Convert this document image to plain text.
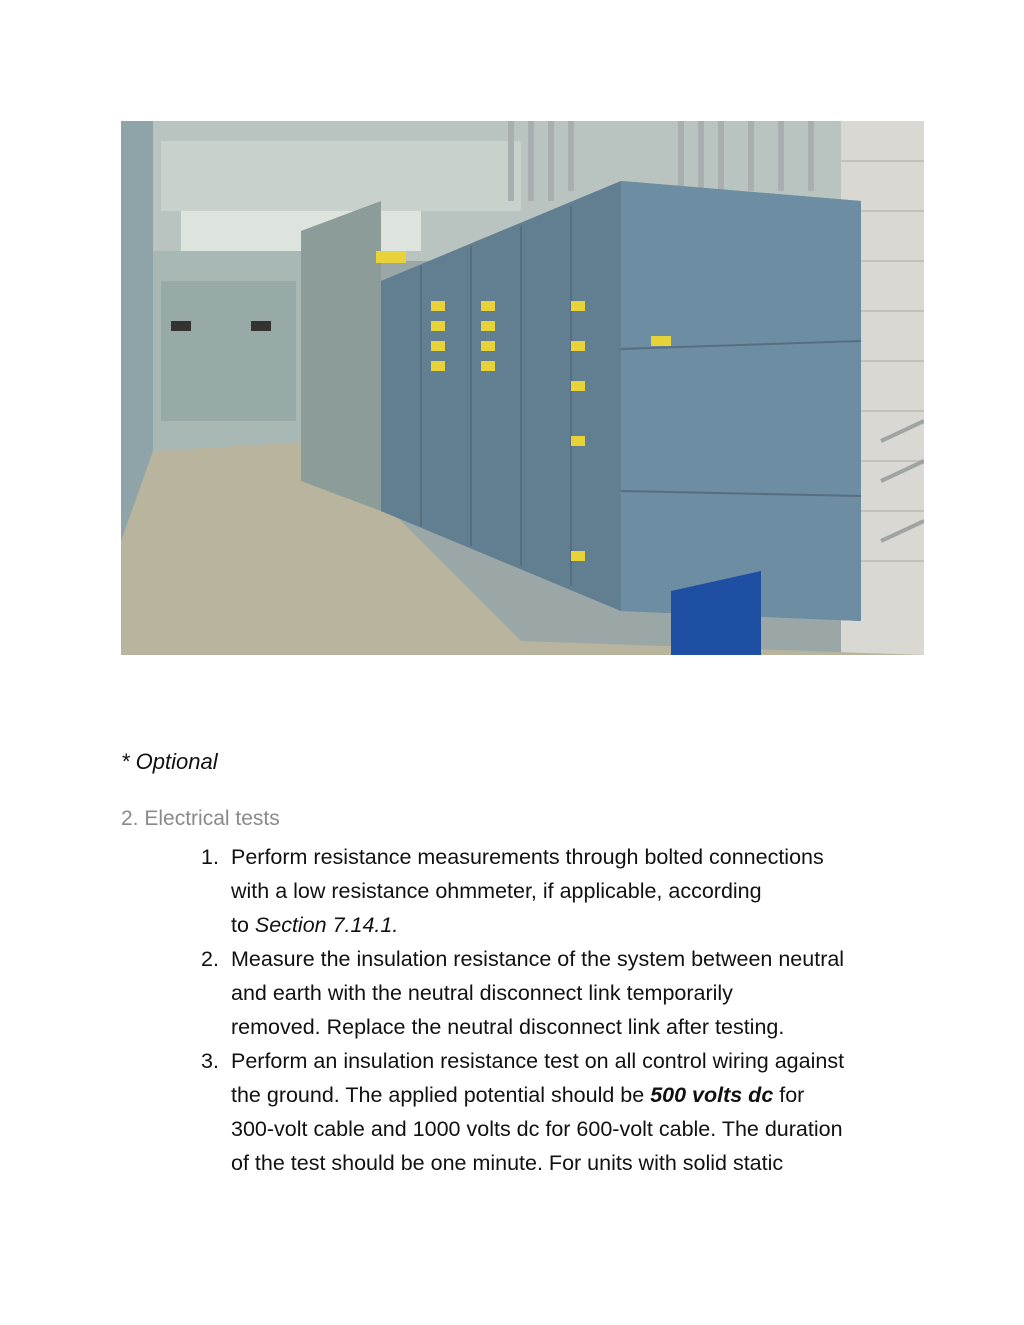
* Optional
2. Electrical tests
1. Perform resistance measurements through bolted connections
with a low resistance ohmmeter, if applicable, according
to Section 7.14.1.
2. Measure the insulation resistance of the system between neutral
and earth with the neutral disconnect link temporarily
removed. Replace the neutral disconnect link after testing.
3. Perform an insulation resistance test on all control wiring against
the ground. The applied potential should be 500 volts dc for
300-volt cable and 1000 volts dc for 600-volt cable. The duration
of the test should be one minute. For units with solid static
